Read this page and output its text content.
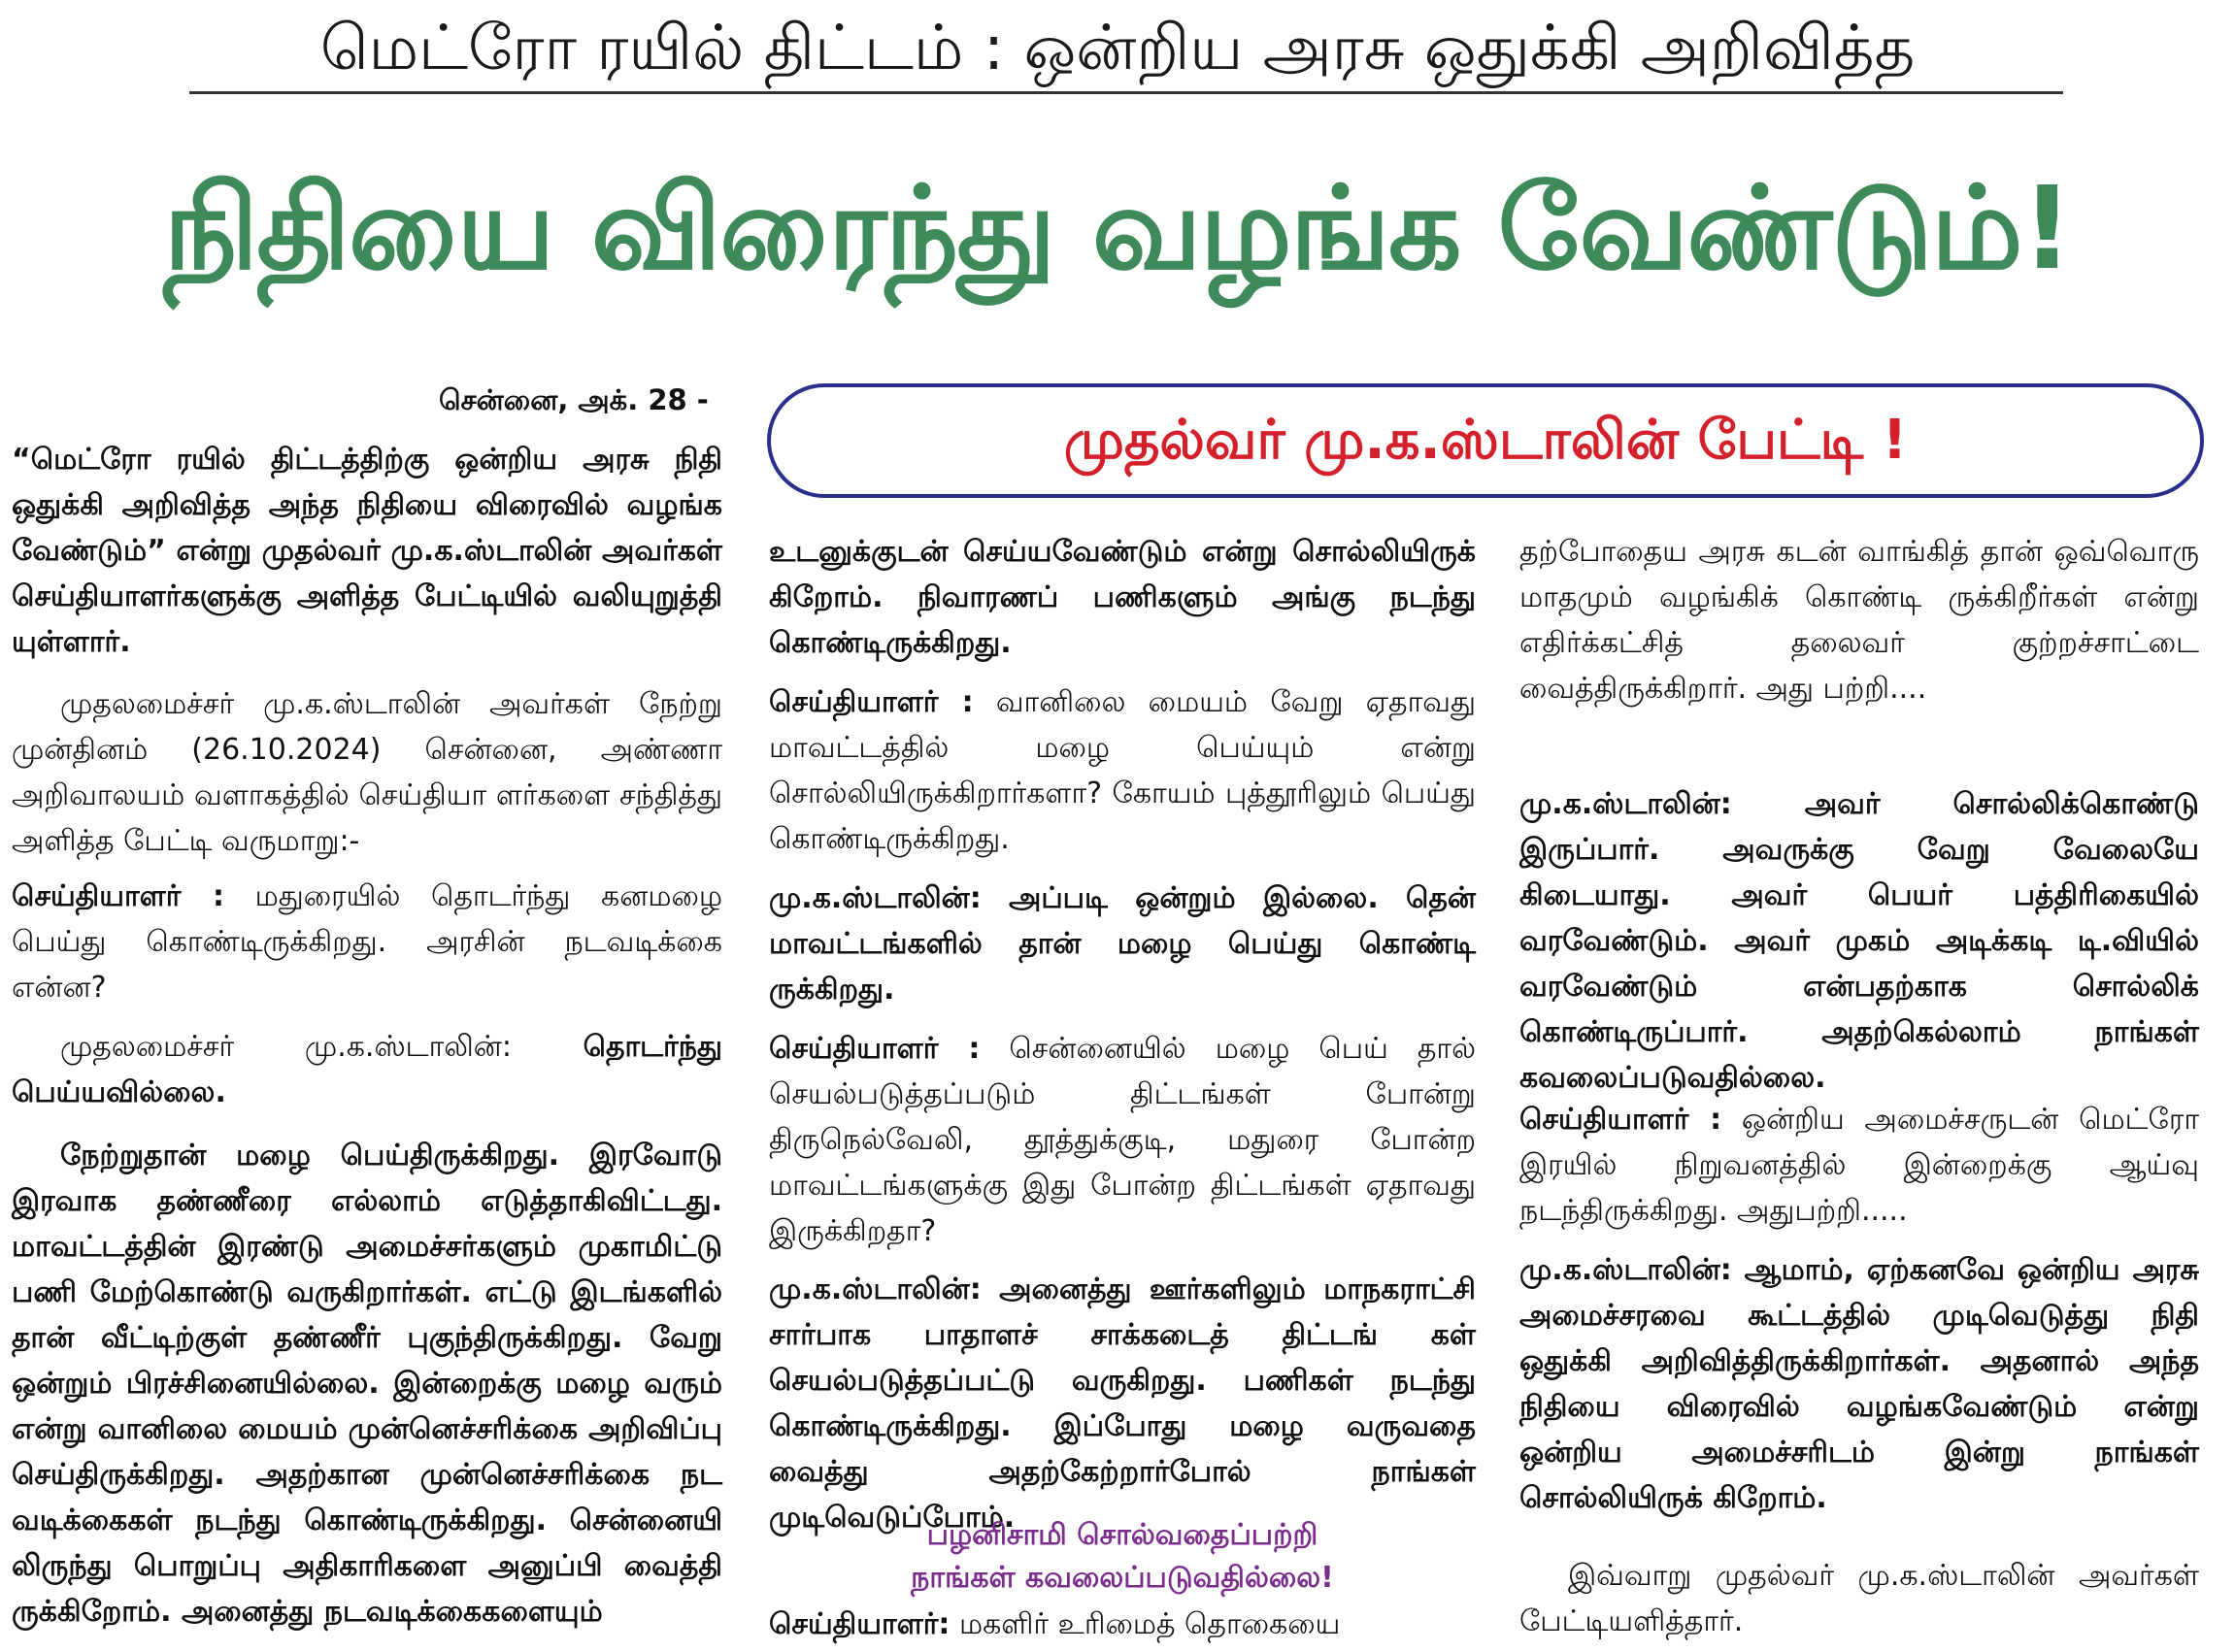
மெட்ரோ ரயில் திட்டம் : ஒன்றிய அரசு ஒதுக்கி அறிவித்த
நிதியை விரைந்து வழங்க வேண்டும்!
முதல்வர் மு.க.ஸ்டாலின் பேட்டி !
சென்னை, அக். 28 -
“மெட்ரோ ரயில் திட்டத்திற்கு ஒன்றிய அரசு நிதி ஒதுக்கி அறிவித்த அந்த நிதியை விரைவில் வழங்க வேண்டும்” என்று முதல்வர் மு.க.ஸ்டாலின் அவர்கள் செய்தியாளர்களுக்கு அளித்த பேட்டியில் வலியுறுத்தி யுள்ளார்.
முதலமைச்சர் மு.க.ஸ்டாலின் அவர்கள் நேற்று முன்தினம் (26.10.2024) சென்னை, அண்ணா அறிவாலயம் வளாகத்தில் செய்தியா ளர்களை சந்தித்து அளித்த பேட்டி வருமாறு:-
செய்தியாளர் : மதுரையில் தொடர்ந்து கனமழை பெய்து கொண்டிருக்கிறது. அரசின் நடவடிக்கை என்ன?
முதலமைச்சர் மு.க.ஸ்டாலின்: தொடர்ந்து பெய்யவில்லை.
நேற்றுதான் மழை பெய்திருக்கிறது. இரவோடு இரவாக தண்ணீரை எல்லாம் எடுத்தாகிவிட்டது. மாவட்டத்தின் இரண்டு அமைச்சர்களும் முகாமிட்டு பணி மேற்கொண்டு வருகிறார்கள். எட்டு இடங்களில் தான் வீட்டிற்குள் தண்ணீர் புகுந்திருக்கிறது. வேறு ஒன்றும் பிரச்சினையில்லை. இன்றைக்கு மழை வரும் என்று வானிலை மையம் முன்னெச்சரிக்கை அறிவிப்பு செய்திருக்கிறது. அதற்கான முன்னெச்சரிக்கை நட வடிக்கைகள் நடந்து கொண்டிருக்கிறது. சென்னையி லிருந்து பொறுப்பு அதிகாரிகளை அனுப்பி வைத்தி ருக்கிறோம். அனைத்து நடவடிக்கைகளையும்
உடனுக்குடன் செய்யவேண்டும் என்று சொல்லியிருக் கிறோம். நிவாரணப் பணிகளும் அங்கு நடந்து கொண்டிருக்கிறது.
செய்தியாளர் : வானிலை மையம் வேறு ஏதாவது மாவட்டத்தில் மழை பெய்யும் என்று சொல்லியிருக்கிறார்களா? கோயம் புத்தூரிலும் பெய்து கொண்டிருக்கிறது.
மு.க.ஸ்டாலின்: அப்படி ஒன்றும் இல்லை. தென் மாவட்டங்களில் தான் மழை பெய்து கொண்டி ருக்கிறது.
செய்தியாளர் : சென்னையில் மழை பெய் தால் செயல்படுத்தப்படும் திட்டங்கள் போன்று திருநெல்வேலி, தூத்துக்குடி, மதுரை போன்ற மாவட்டங்களுக்கு இது போன்ற திட்டங்கள் ஏதாவது இருக்கிறதா?
மு.க.ஸ்டாலின்: அனைத்து ஊர்களிலும் மாநகராட்சி சார்பாக பாதாளச் சாக்கடைத் திட்டங் கள் செயல்படுத்தப்பட்டு வருகிறது. பணிகள் நடந்து கொண்டிருக்கிறது. இப்போது மழை வருவதை வைத்து அதற்கேற்றார்போல் நாங்கள் முடிவெடுப்போம்.
பழனிசாமி சொல்வதைப்பற்றி
நாங்கள் கவலைப்படுவதில்லை!
செய்தியாளர்: மகளிர் உரிமைத் தொகையை
தற்போதைய அரசு கடன் வாங்கித் தான் ஒவ்வொரு மாதமும் வழங்கிக் கொண்டி ருக்கிறீர்கள் என்று எதிர்க்கட்சித் தலைவர் குற்றச்சாட்டை வைத்திருக்கிறார். அது பற்றி....
மு.க.ஸ்டாலின்: அவர் சொல்லிக்கொண்டு இருப்பார். அவருக்கு வேறு வேலையே கிடையாது. அவர் பெயர் பத்திரிகையில் வரவேண்டும். அவர் முகம் அடிக்கடி டி.வியில் வரவேண்டும் என்பதற்காக சொல்லிக் கொண்டிருப்பார். அதற்கெல்லாம் நாங்கள் கவலைப்படுவதில்லை.
செய்தியாளர் : ஒன்றிய அமைச்சருடன் மெட்ரோ இரயில் நிறுவனத்தில் இன்றைக்கு ஆய்வு நடந்திருக்கிறது. அதுபற்றி.....
மு.க.ஸ்டாலின்: ஆமாம், ஏற்கனவே ஒன்றிய அரசு அமைச்சரவை கூட்டத்தில் முடிவெடுத்து நிதி ஒதுக்கி அறிவித்திருக்கிறார்கள். அதனால் அந்த நிதியை விரைவில் வழங்கவேண்டும் என்று ஒன்றிய அமைச்சரிடம் இன்று நாங்கள் சொல்லியிருக் கிறோம்.
இவ்வாறு முதல்வர் மு.க.ஸ்டாலின் அவர்கள் பேட்டியளித்தார்.
